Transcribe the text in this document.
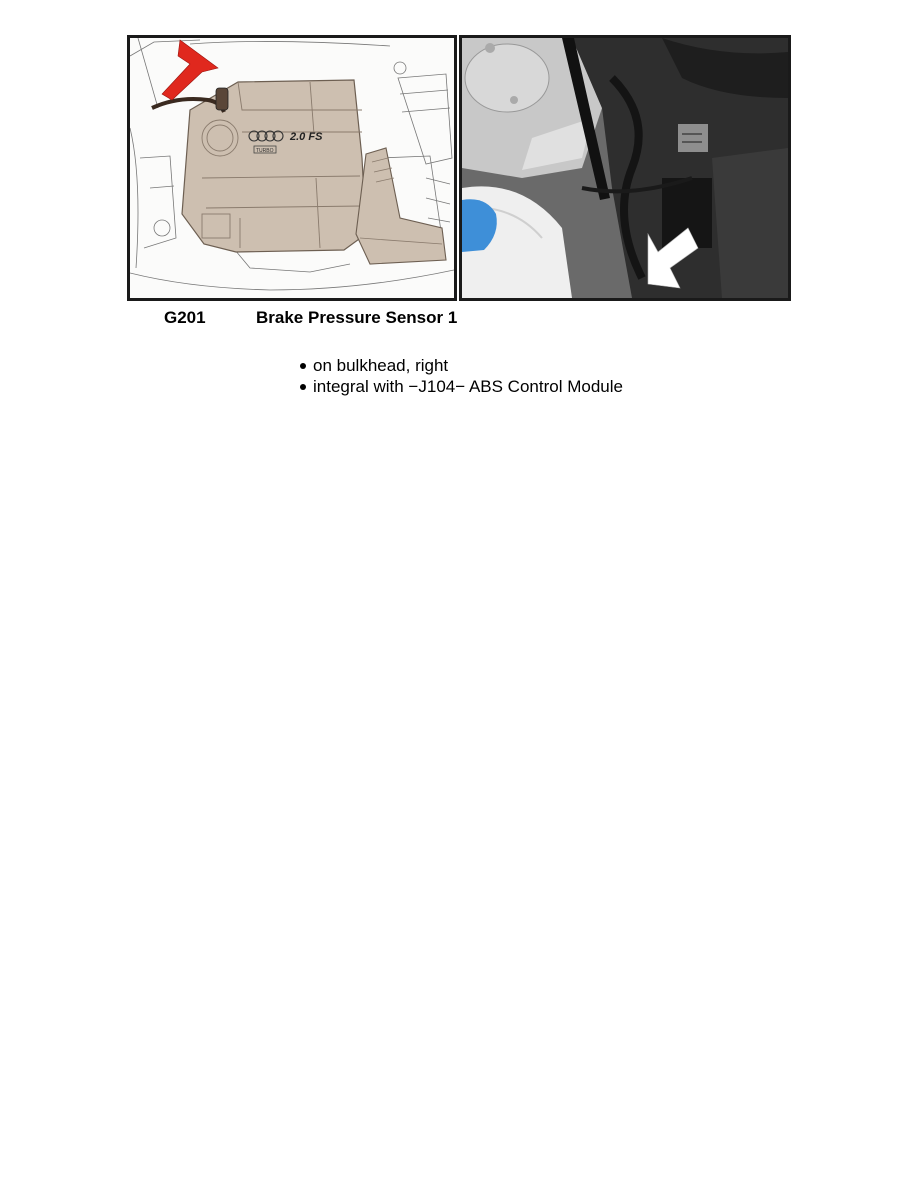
2.0 FS
TURBO
G201	Brake Pressure Sensor 1
on bulkhead, right
integral with −J104− ABS Control Module
